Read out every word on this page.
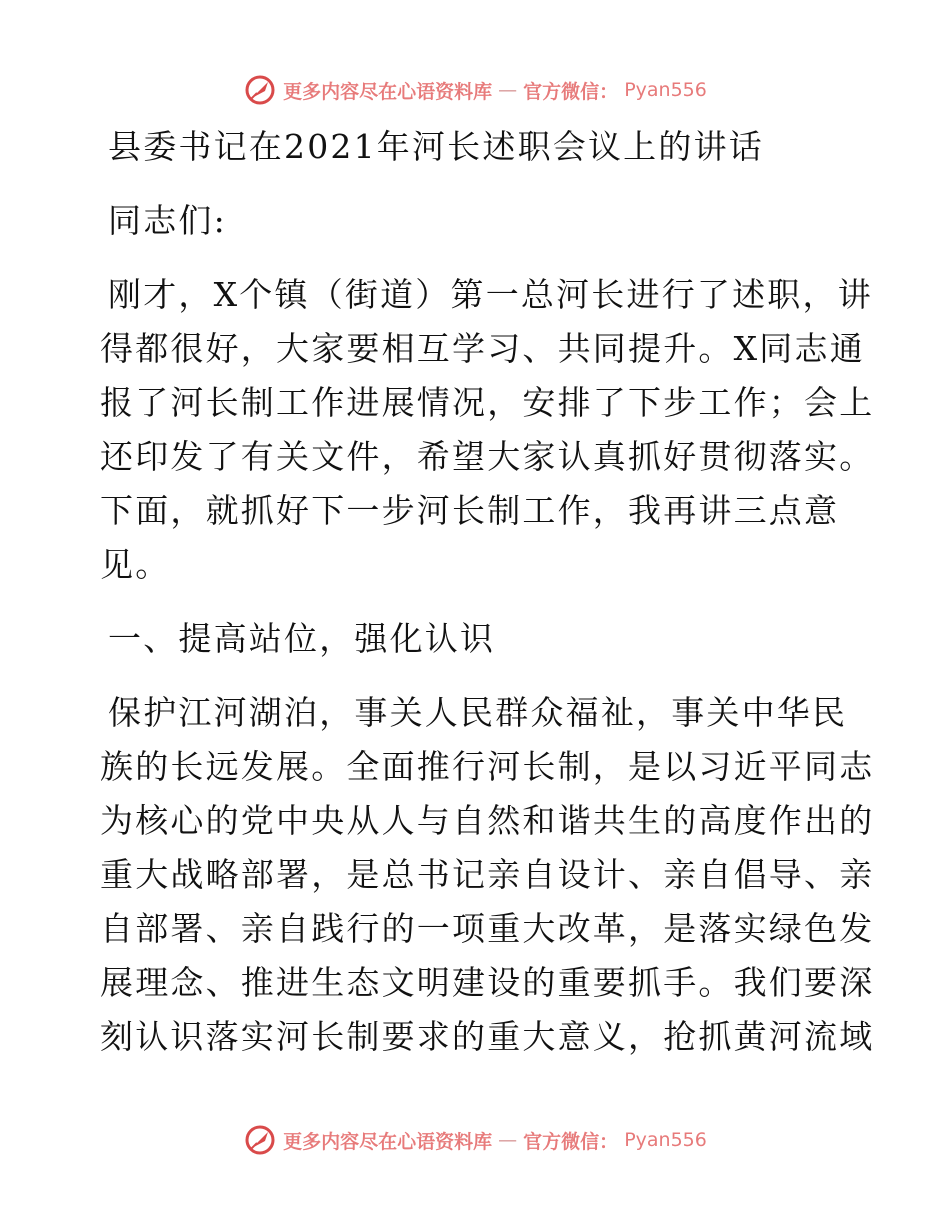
更多内容尽在心语资料库 — 官方微信： Pyan556
县委书记在2021年河长述职会议上的讲话
同志们:
刚才，X个镇（街道）第一总河长进行了述职，讲
得都很好，大家要相互学习、共同提升。X同志通
报了河长制工作进展情况，安排了下步工作；会上
还印发了有关文件，希望大家认真抓好贯彻落实。
下面，就抓好下一步河长制工作，我再讲三点意
见。
一、提高站位，强化认识
保护江河湖泊，事关人民群众福祉，事关中华民
族的长远发展。全面推行河长制，是以习近平同志
为核心的党中央从人与自然和谐共生的高度作出的
重大战略部署，是总书记亲自设计、亲自倡导、亲
自部署、亲自践行的一项重大改革，是落实绿色发
展理念、推进生态文明建设的重要抓手。我们要深
刻认识落实河长制要求的重大意义，抢抓黄河流域
更多内容尽在心语资料库 — 官方微信： Pyan556
